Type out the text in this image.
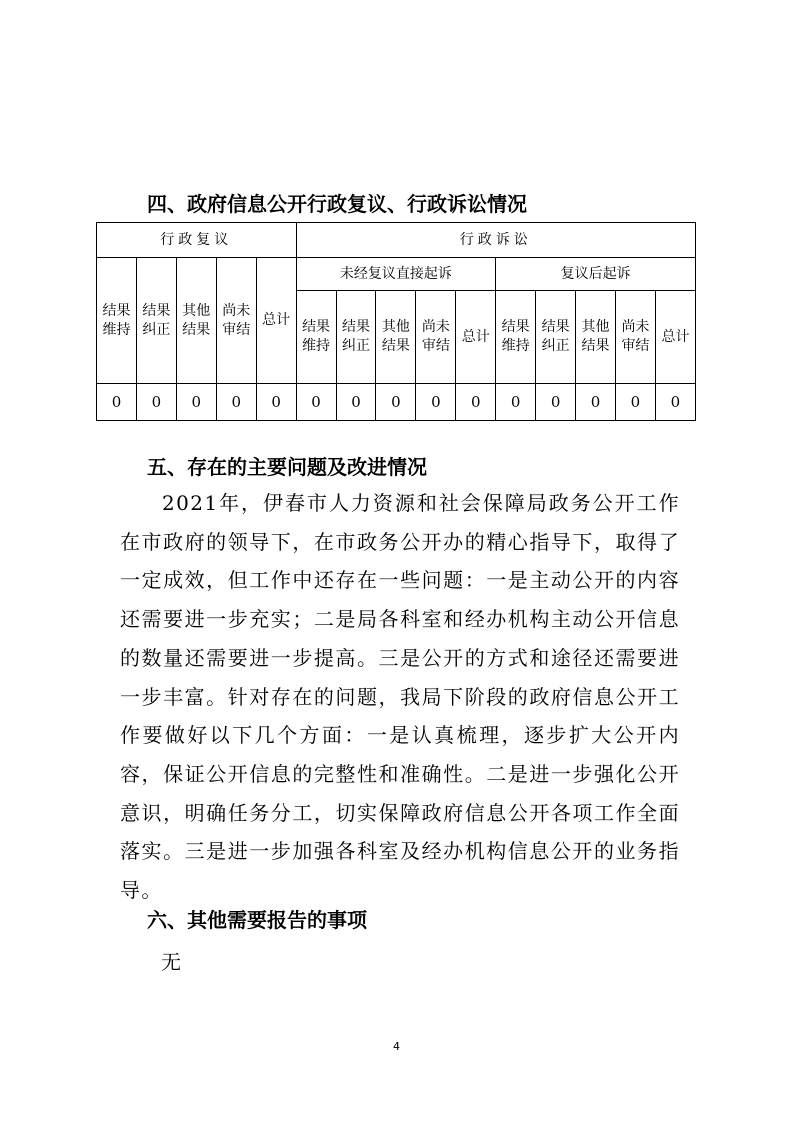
四、政府信息公开行政复议、行政诉讼情况
行政复议					行政诉讼									
结果维持	结果纠正	其他结果	尚未审结	总计	未经复议直接起诉					复议后起诉				
					结果维持	结果纠正	其他结果	尚未审结	总计	结果维持	结果纠正	其他结果	尚未审结	总计
0	0	0	0	0	0	0	0	0	0	0	0	0	0	0
五、存在的主要问题及改进情况

2021年，伊春市人力资源和社会保障局政务公开工作在市政府的领导下，在市政务公开办的精心指导下，取得了一定成效，但工作中还存在一些问题：一是主动公开的内容还需要进一步充实；二是局各科室和经办机构主动公开信息的数量还需要进一步提高。三是公开的方式和途径还需要进一步丰富。针对存在的问题，我局下阶段的政府信息公开工作要做好以下几个方面：一是认真梳理，逐步扩大公开内容，保证公开信息的完整性和准确性。二是进一步强化公开意识，明确任务分工，切实保障政府信息公开各项工作全面落实。三是进一步加强各科室及经办机构信息公开的业务指导。

六、其他需要报告的事项
无
4
